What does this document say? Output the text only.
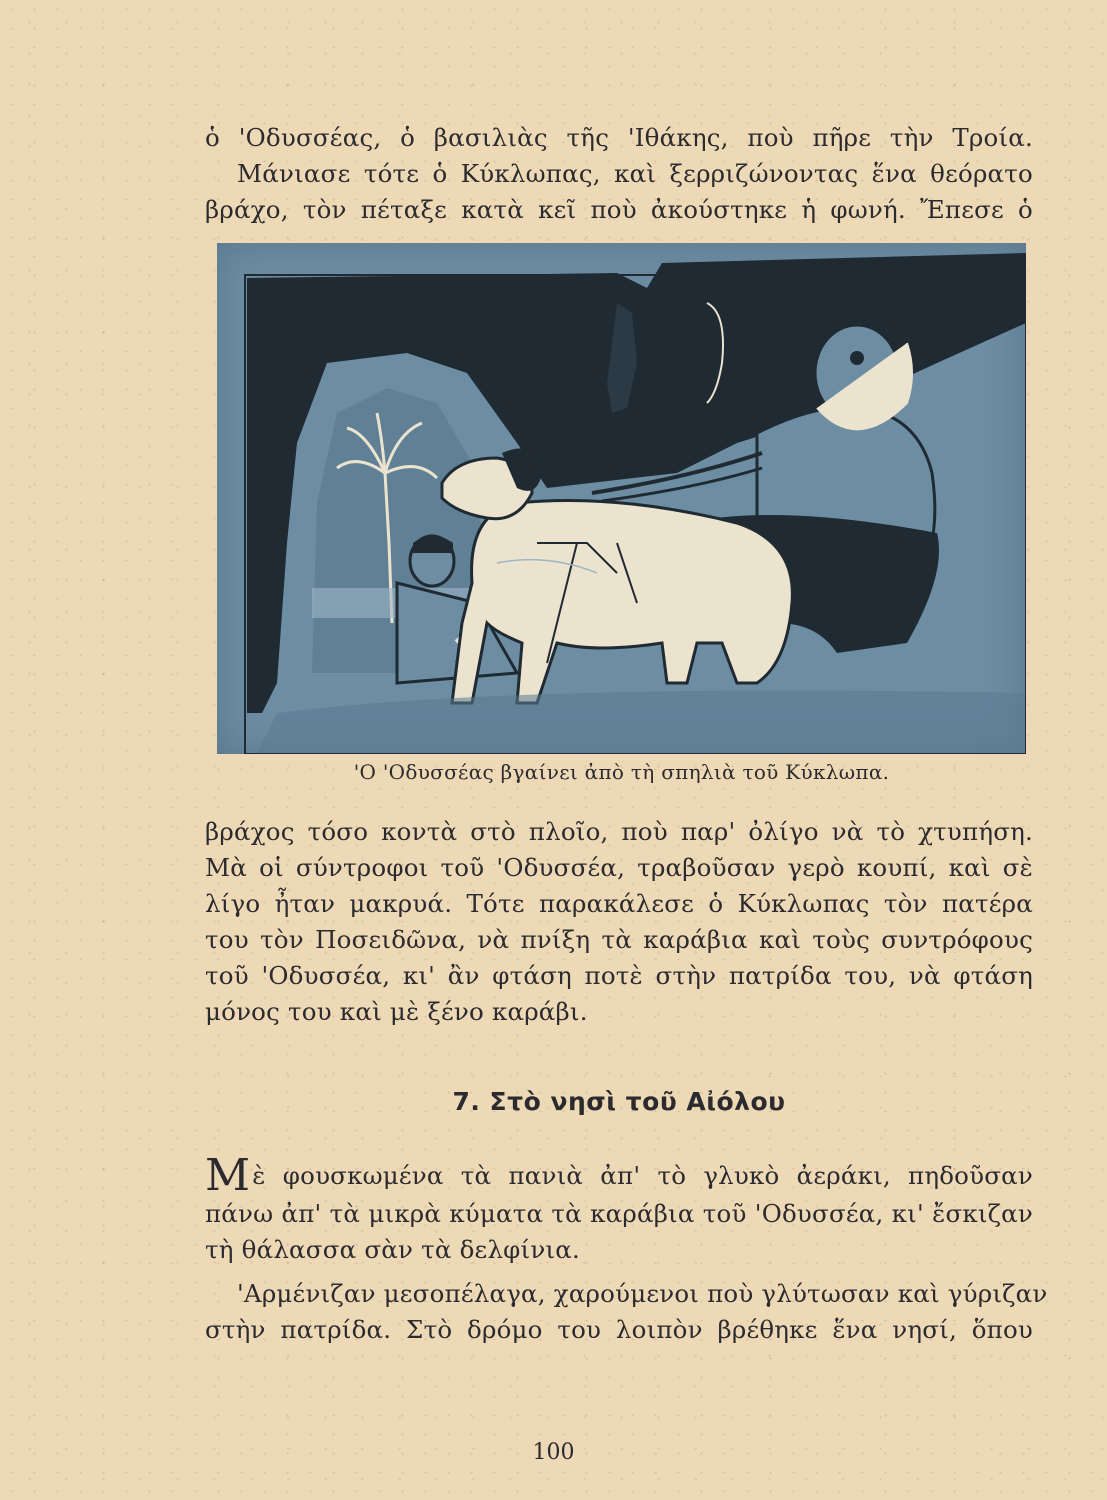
ὁ 'Οδυσσέας, ὁ βασιλιὰς τῆς 'Ιθάκης, ποὺ πῆρε τὴν Τροία.
Μάνιασε τότε ὁ Κύκλωπας, καὶ ξερριζώνοντας ἕνα θεόρατο
βράχο, τὸν πέταξε κατὰ κεῖ ποὺ ἀκούστηκε ἡ φωνή. Ἔπεσε ὁ
'Ο 'Οδυσσέας βγαίνει ἀπὸ τὴ σπηλιὰ τοῦ Κύκλωπα.
βράχος τόσο κοντὰ στὸ πλοῖο, ποὺ παρ' ὀλίγο νὰ τὸ χτυπήση.
Μὰ οἱ σύντροφοι τοῦ 'Οδυσσέα, τραβοῦσαν γερὸ κουπί, καὶ σὲ
λίγο ἦταν μακρυά. Τότε παρακάλεσε ὁ Κύκλωπας τὸν πατέρα
του τὸν Ποσειδῶνα, νὰ πνίξη τὰ καράβια καὶ τοὺς συντρόφους
τοῦ 'Οδυσσέα, κι' ἂν φτάση ποτὲ στὴν πατρίδα του, νὰ φτάση
μόνος του καὶ μὲ ξένο καράβι.
7. Στὸ νησὶ τοῦ Αἰόλου
Μὲ φουσκωμένα τὰ πανιὰ ἀπ' τὸ γλυκὸ ἀεράκι, πηδοῦσαν
πάνω ἀπ' τὰ μικρὰ κύματα τὰ καράβια τοῦ 'Οδυσσέα, κι' ἔσκιζαν
τὴ θάλασσα σὰν τὰ δελφίνια.
'Αρμένιζαν μεσοπέλαγα, χαρούμενοι ποὺ γλύτωσαν καὶ γύριζαν
στὴν πατρίδα. Στὸ δρόμο του λοιπὸν βρέθηκε ἕνα νησί, ὅπου
100
